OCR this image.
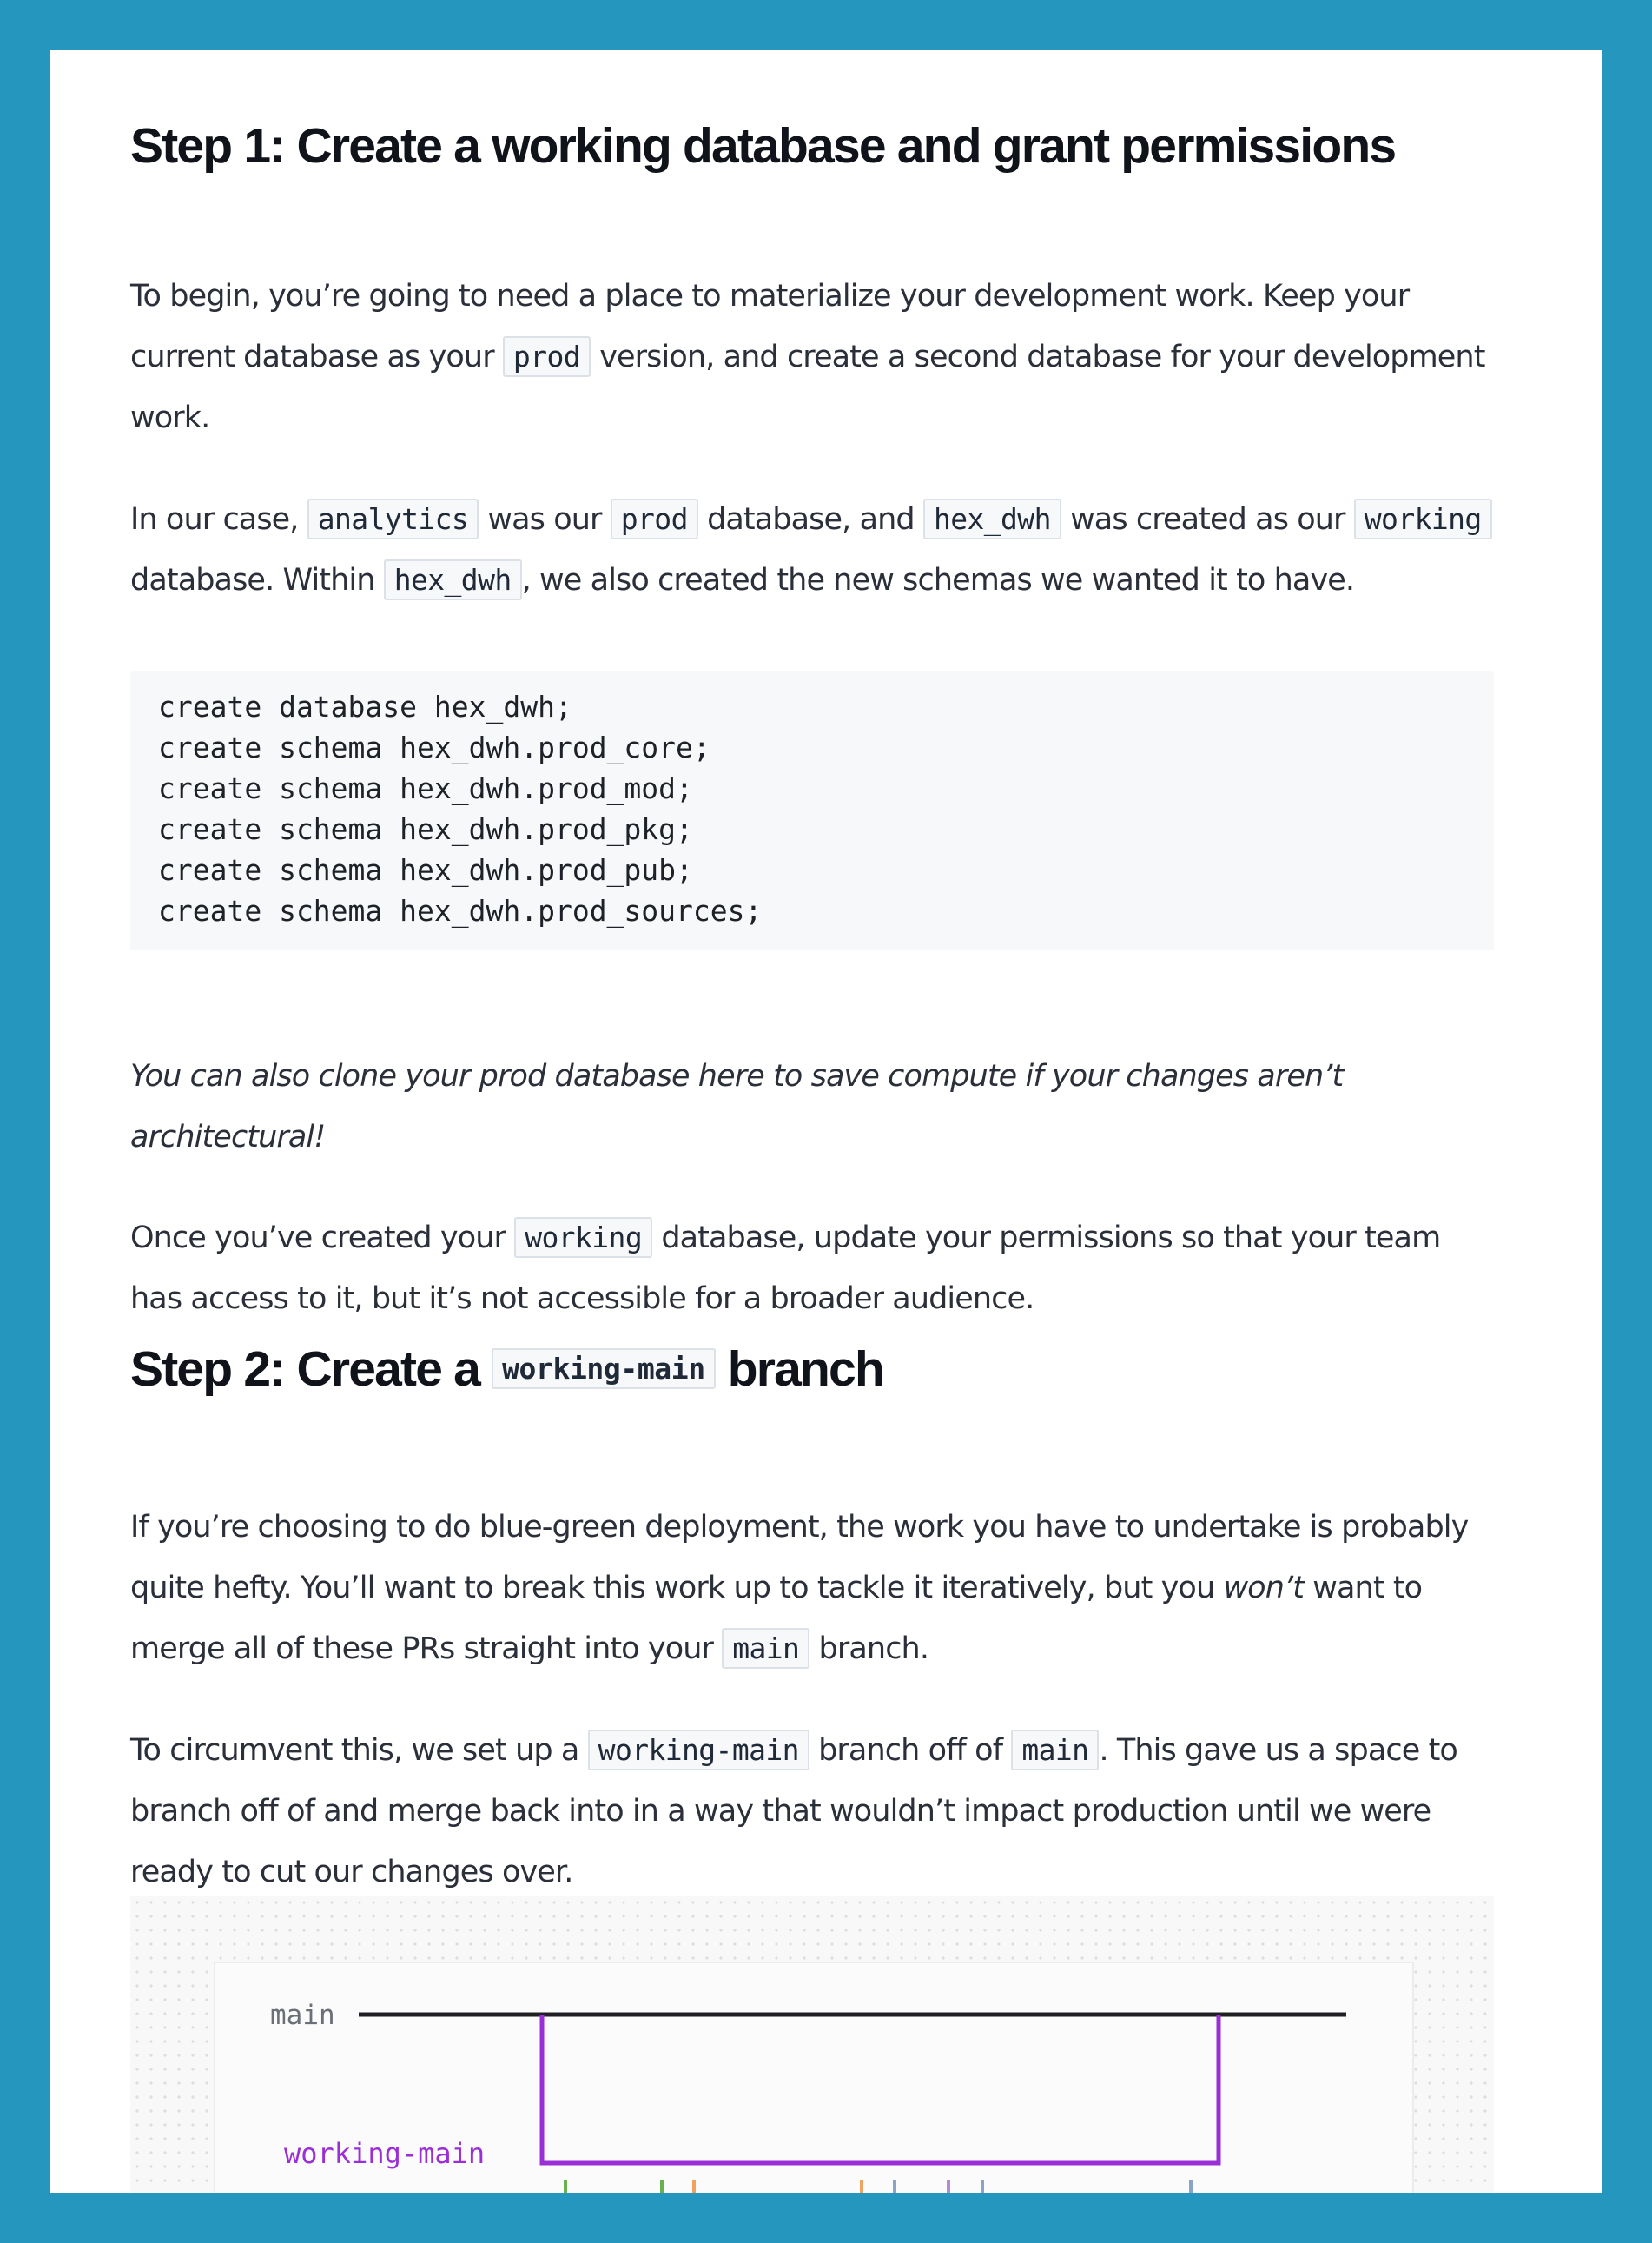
Step 1: Create a working database and grant permissions

To begin, you’re going to need a place to materialize your development work. Keep your current database as your prod version, and create a second database for your development work.

In our case, analytics was our prod database, and hex_dwh was created as our working database. Within hex_dwh , we also created the new schemas we wanted it to have.

create database hex_dwh;
create schema hex_dwh.prod_core;
create schema hex_dwh.prod_mod;
create schema hex_dwh.prod_pkg;
create schema hex_dwh.prod_pub;
create schema hex_dwh.prod_sources;

You can also clone your prod database here to save compute if your changes aren’t architectural!

Once you’ve created your working database, update your permissions so that your team has access to it, but it’s not accessible for a broader audience.

Step 2: Create a working-main branch

If you’re choosing to do blue-green deployment, the work you have to undertake is probably quite hefty. You’ll want to break this work up to tackle it iteratively, but you won’t want to merge all of these PRs straight into your main branch.

To circumvent this, we set up a working-main branch off of main . This gave us a space to branch off of and merge back into in a way that wouldn’t impact production until we were ready to cut our changes over.

main
working-main
